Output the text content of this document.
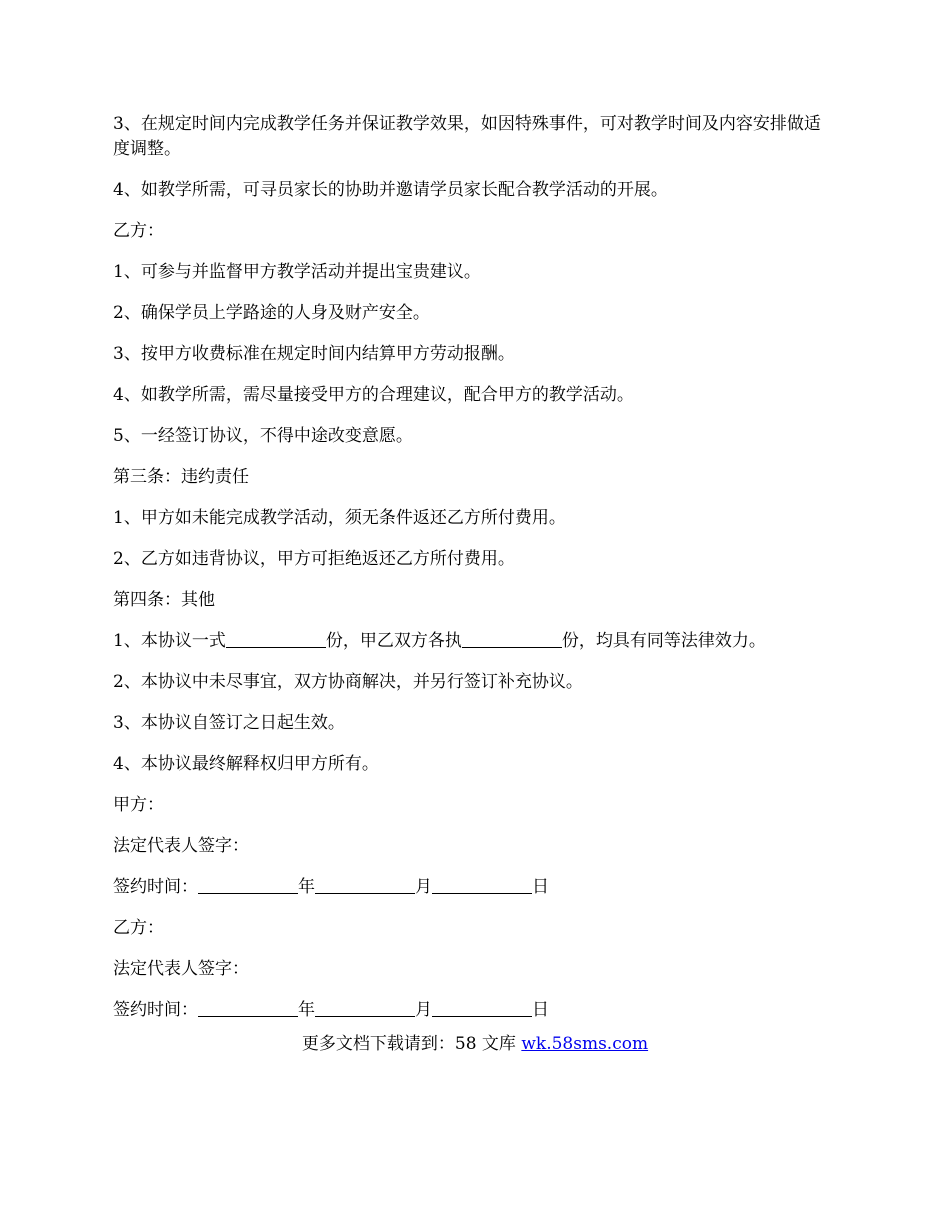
3、在规定时间内完成教学任务并保证教学效果，如因特殊事件，可对教学时间及内容安排做适度调整。

4、如教学所需，可寻员家长的协助并邀请学员家长配合教学活动的开展。

乙方：

1、可参与并监督甲方教学活动并提出宝贵建议。

2、确保学员上学路途的人身及财产安全。

3、按甲方收费标准在规定时间内结算甲方劳动报酬。

4、如教学所需，需尽量接受甲方的合理建议，配合甲方的教学活动。

5、一经签订协议，不得中途改变意愿。

第三条：违约责任

1、甲方如未能完成教学活动，须无条件返还乙方所付费用。

2、乙方如违背协议，甲方可拒绝返还乙方所付费用。

第四条：其他

1、本协议一式	份，甲乙双方各执	份，均具有同等法律效力。

2、本协议中未尽事宜，双方协商解决，并另行签订补充协议。

3、本协议自签订之日起生效。

4、本协议最终解释权归甲方所有。

甲方：

法定代表人签字：

签约时间：	年	月	日

乙方：

法定代表人签字：

签约时间：	年	月	日

更多文档下载请到：58 文库 wk.58sms.com
